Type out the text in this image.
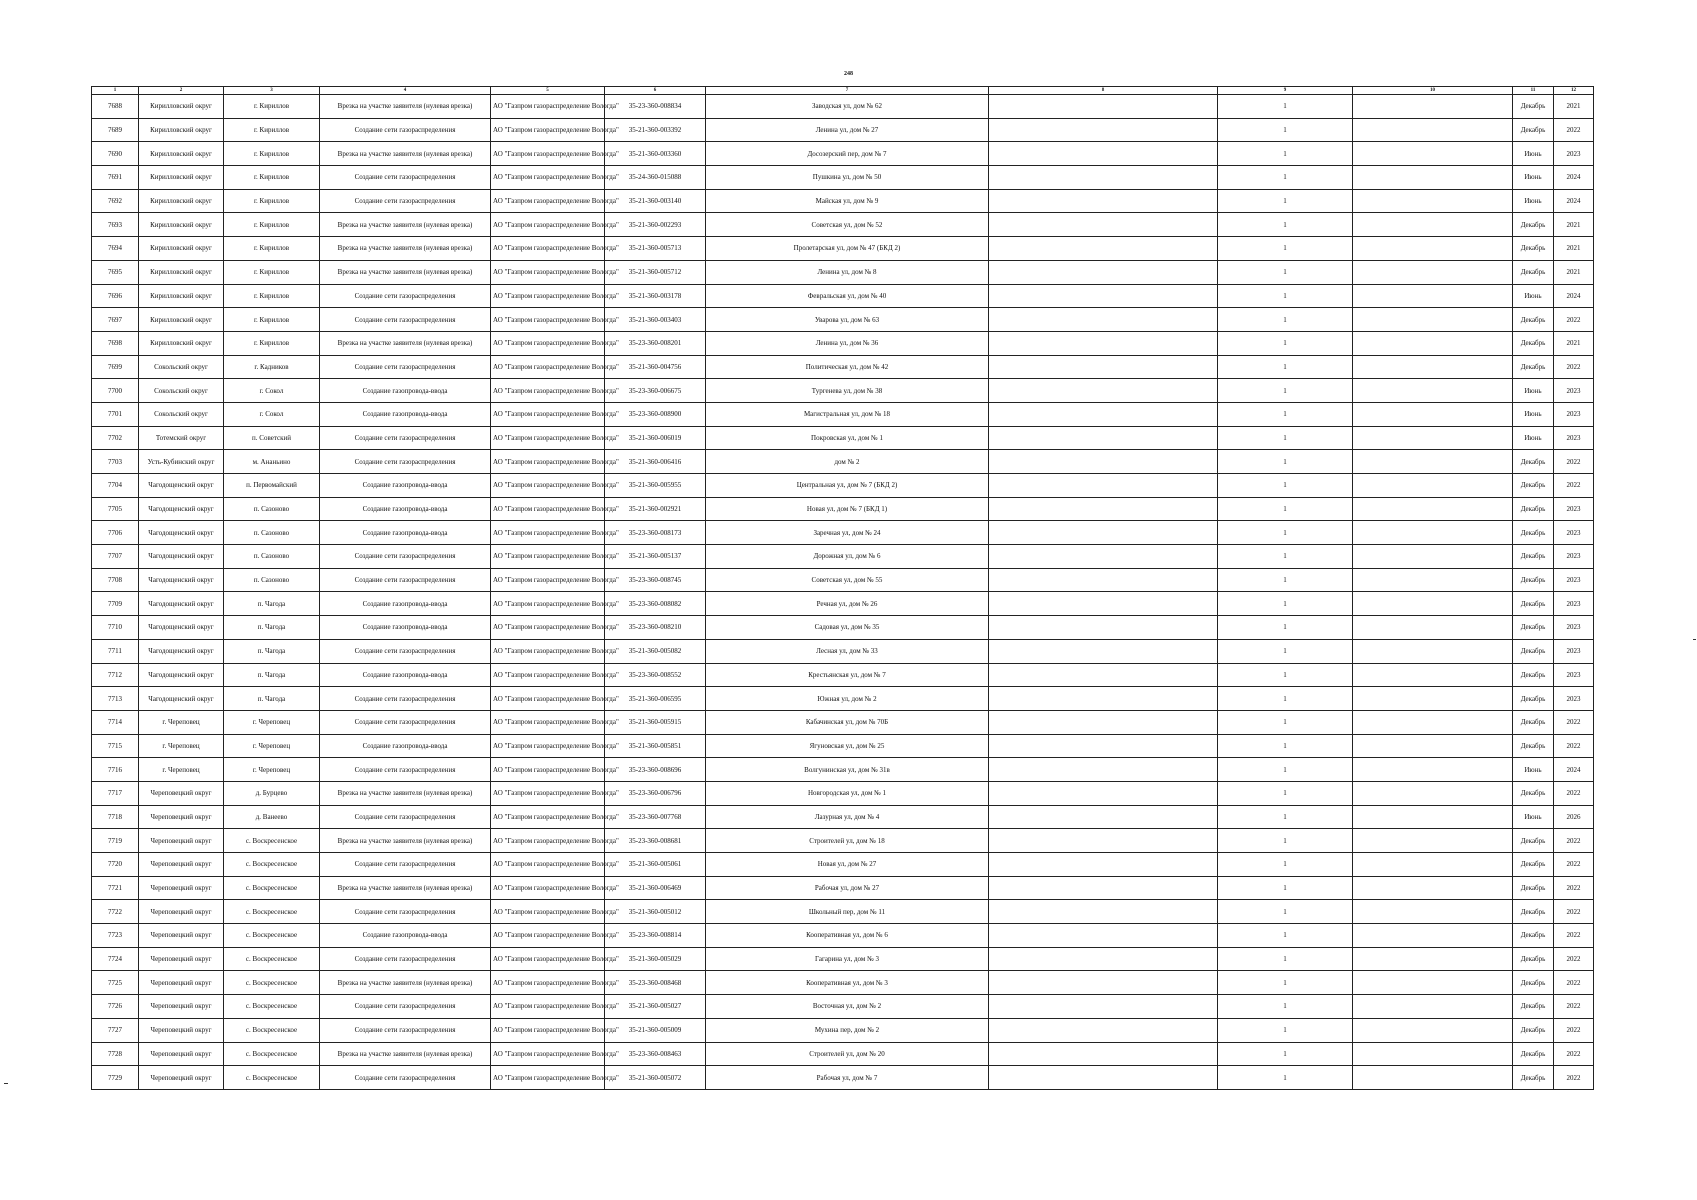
248
1	2	3	4	5	6	7	8	9	10	11	12
7688	Кирилловский округ	г. Кириллов	Врезка на участке заявителя (нулевая врезка)	АО "Газпром газораспределение Вологда"	35-23-360-008834	Заводская ул, дом № 62		1		Декабрь	2021
7689	Кирилловский округ	г. Кириллов	Создание сети газораспределения	АО "Газпром газораспределение Вологда"	35-21-360-003392	Ленина ул, дом № 27		1		Декабрь	2022
7690	Кирилловский округ	г. Кириллов	Врезка на участке заявителя (нулевая врезка)	АО "Газпром газораспределение Вологда"	35-21-360-003360	Досозерский пер, дом № 7		1		Июнь	2023
7691	Кирилловский округ	г. Кириллов	Создание сети газораспределения	АО "Газпром газораспределение Вологда"	35-24-360-015088	Пушкина ул, дом № 50		1		Июнь	2024
7692	Кирилловский округ	г. Кириллов	Создание сети газораспределения	АО "Газпром газораспределение Вологда"	35-21-360-003140	Майская ул, дом № 9		1		Июнь	2024
7693	Кирилловский округ	г. Кириллов	Врезка на участке заявителя (нулевая врезка)	АО "Газпром газораспределение Вологда"	35-21-360-002293	Советская ул, дом № 52		1		Декабрь	2021
7694	Кирилловский округ	г. Кириллов	Врезка на участке заявителя (нулевая врезка)	АО "Газпром газораспределение Вологда"	35-21-360-005713	Пролетарская ул, дом № 47 (БКД 2)		1		Декабрь	2021
7695	Кирилловский округ	г. Кириллов	Врезка на участке заявителя (нулевая врезка)	АО "Газпром газораспределение Вологда"	35-21-360-005712	Ленина ул, дом № 8		1		Декабрь	2021
7696	Кирилловский округ	г. Кириллов	Создание сети газораспределения	АО "Газпром газораспределение Вологда"	35-21-360-003178	Февральская ул, дом № 40		1		Июнь	2024
7697	Кирилловский округ	г. Кириллов	Создание сети газораспределения	АО "Газпром газораспределение Вологда"	35-21-360-003403	Уварова ул, дом № 63		1		Декабрь	2022
7698	Кирилловский округ	г. Кириллов	Врезка на участке заявителя (нулевая врезка)	АО "Газпром газораспределение Вологда"	35-23-360-008201	Ленина ул, дом № 36		1		Декабрь	2021
7699	Сокольский округ	г. Кадников	Создание сети газораспределения	АО "Газпром газораспределение Вологда"	35-21-360-004756	Политическая ул, дом № 42		1		Декабрь	2022
7700	Сокольский округ	г. Сокол	Создание газопровода-ввода	АО "Газпром газораспределение Вологда"	35-23-360-006675	Тургенева ул, дом № 38		1		Июнь	2023
7701	Сокольский округ	г. Сокол	Создание газопровода-ввода	АО "Газпром газораспределение Вологда"	35-23-360-008900	Магистральная ул, дом № 18		1		Июнь	2023
7702	Тотемский округ	п. Советский	Создание сети газораспределения	АО "Газпром газораспределение Вологда"	35-21-360-006019	Покровская ул, дом № 1		1		Июнь	2023
7703	Усть-Кубинский округ	м. Ананьино	Создание сети газораспределения	АО "Газпром газораспределение Вологда"	35-21-360-006416	дом № 2		1		Декабрь	2022
7704	Чагодощенский округ	п. Первомайский	Создание газопровода-ввода	АО "Газпром газораспределение Вологда"	35-21-360-005955	Центральная ул, дом № 7 (БКД 2)		1		Декабрь	2022
7705	Чагодощенский округ	п. Сазоново	Создание газопровода-ввода	АО "Газпром газораспределение Вологда"	35-21-360-002921	Новая ул, дом № 7 (БКД 1)		1		Декабрь	2023
7706	Чагодощенский округ	п. Сазоново	Создание газопровода-ввода	АО "Газпром газораспределение Вологда"	35-23-360-008173	Заречная ул, дом № 24		1		Декабрь	2023
7707	Чагодощенский округ	п. Сазоново	Создание сети газораспределения	АО "Газпром газораспределение Вологда"	35-21-360-005137	Дорожная ул, дом № 6		1		Декабрь	2023
7708	Чагодощенский округ	п. Сазоново	Создание сети газораспределения	АО "Газпром газораспределение Вологда"	35-23-360-008745	Советская ул, дом № 55		1		Декабрь	2023
7709	Чагодощенский округ	п. Чагода	Создание газопровода-ввода	АО "Газпром газораспределение Вологда"	35-23-360-008082	Речная ул, дом № 26		1		Декабрь	2023
7710	Чагодощенский округ	п. Чагода	Создание газопровода-ввода	АО "Газпром газораспределение Вологда"	35-23-360-008210	Садовая ул, дом № 35		1		Декабрь	2023
7711	Чагодощенский округ	п. Чагода	Создание сети газораспределения	АО "Газпром газораспределение Вологда"	35-21-360-005082	Лесная ул, дом № 33		1		Декабрь	2023
7712	Чагодощенский округ	п. Чагода	Создание газопровода-ввода	АО "Газпром газораспределение Вологда"	35-23-360-008552	Крестьянская ул, дом № 7		1		Декабрь	2023
7713	Чагодощенский округ	п. Чагода	Создание сети газораспределения	АО "Газпром газораспределение Вологда"	35-21-360-006595	Южная ул, дом № 2		1		Декабрь	2023
7714	г. Череповец	г. Череповец	Создание сети газораспределения	АО "Газпром газораспределение Вологда"	35-21-360-005915	Кабачинская ул, дом № 70Б		1		Декабрь	2022
7715	г. Череповец	г. Череповец	Создание газопровода-ввода	АО "Газпром газораспределение Вологда"	35-21-360-005851	Ягуновская ул, дом № 25		1		Декабрь	2022
7716	г. Череповец	г. Череповец	Создание сети газораспределения	АО "Газпром газораспределение Вологда"	35-23-360-008696	Волгунинская ул, дом № 31в		1		Июнь	2024
7717	Череповецкий округ	д. Бурцево	Врезка на участке заявителя (нулевая врезка)	АО "Газпром газораспределение Вологда"	35-23-360-006796	Новгородская ул, дом № 1		1		Декабрь	2022
7718	Череповецкий округ	д. Ванеево	Создание сети газораспределения	АО "Газпром газораспределение Вологда"	35-23-360-007768	Лазурная ул, дом № 4		1		Июнь	2026
7719	Череповецкий округ	с. Воскресенское	Врезка на участке заявителя (нулевая врезка)	АО "Газпром газораспределение Вологда"	35-23-360-008681	Строителей ул, дом № 18		1		Декабрь	2022
7720	Череповецкий округ	с. Воскресенское	Создание сети газораспределения	АО "Газпром газораспределение Вологда"	35-21-360-005061	Новая ул, дом № 27		1		Декабрь	2022
7721	Череповецкий округ	с. Воскресенское	Врезка на участке заявителя (нулевая врезка)	АО "Газпром газораспределение Вологда"	35-21-360-006469	Рабочая ул, дом № 27		1		Декабрь	2022
7722	Череповецкий округ	с. Воскресенское	Создание сети газораспределения	АО "Газпром газораспределение Вологда"	35-21-360-005012	Школьный пер, дом № 11		1		Декабрь	2022
7723	Череповецкий округ	с. Воскресенское	Создание газопровода-ввода	АО "Газпром газораспределение Вологда"	35-23-360-008814	Кооперативная ул, дом № 6		1		Декабрь	2022
7724	Череповецкий округ	с. Воскресенское	Создание сети газораспределения	АО "Газпром газораспределение Вологда"	35-21-360-005029	Гагарина ул, дом № 3		1		Декабрь	2022
7725	Череповецкий округ	с. Воскресенское	Врезка на участке заявителя (нулевая врезка)	АО "Газпром газораспределение Вологда"	35-23-360-008468	Кооперативная ул, дом № 3		1		Декабрь	2022
7726	Череповецкий округ	с. Воскресенское	Создание сети газораспределения	АО "Газпром газораспределение Вологда"	35-21-360-005027	Восточная ул, дом № 2		1		Декабрь	2022
7727	Череповецкий округ	с. Воскресенское	Создание сети газораспределения	АО "Газпром газораспределение Вологда"	35-21-360-005009	Мухина пер, дом № 2		1		Декабрь	2022
7728	Череповецкий округ	с. Воскресенское	Врезка на участке заявителя (нулевая врезка)	АО "Газпром газораспределение Вологда"	35-23-360-008463	Строителей ул, дом № 20		1		Декабрь	2022
7729	Череповецкий округ	с. Воскресенское	Создание сети газораспределения	АО "Газпром газораспределение Вологда"	35-21-360-005072	Рабочая ул, дом № 7		1		Декабрь	2022
